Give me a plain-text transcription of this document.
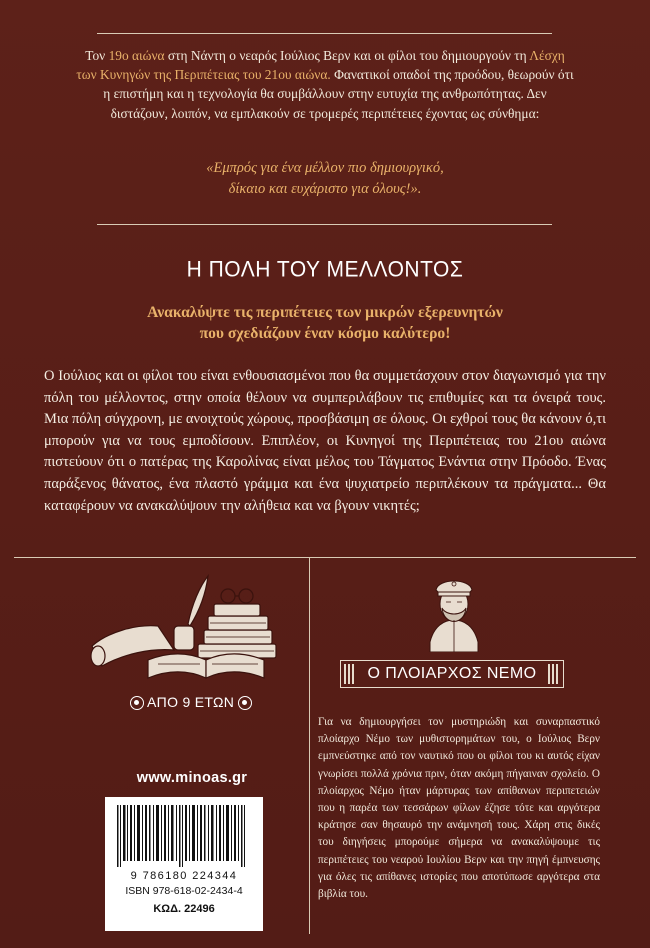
Τον 19ο αιώνα στη Νάντη ο νεαρός Ιούλιος Βερν και οι φίλοι του δημιουργούν τη Λέσχη των Κυνηγών της Περιπέτειας του 21ου αιώνα. Φανατικοί οπαδοί της προόδου, θεωρούν ότι η επιστήμη και η τεχνολογία θα συμβάλλουν στην ευτυχία της ανθρωπότητας. Δεν διστάζουν, λοιπόν, να εμπλακούν σε τρομερές περιπέτειες έχοντας ως σύνθημα:
«Εμπρός για ένα μέλλον πιο δημιουργικό,
δίκαιο και ευχάριστο για όλους!».
Η ΠΟΛΗ ΤΟΥ ΜΕΛΛΟΝΤΟΣ
Ανακαλύψτε τις περιπέτειες των μικρών εξερευνητών
που σχεδιάζουν έναν κόσμο καλύτερο!
Ο Ιούλιος και οι φίλοι του είναι ενθουσιασμένοι που θα συμμετάσχουν στον διαγωνισμό για την πόλη του μέλλοντος, στην οποία θέλουν να συμπεριλάβουν τις επιθυμίες και τα όνειρά τους. Μια πόλη σύγχρονη, με ανοιχτούς χώρους, προσβάσιμη σε όλους. Οι εχθροί τους θα κάνουν ό,τι μπορούν για να τους εμποδίσουν. Επιπλέον, οι Κυνηγοί της Περιπέτειας του 21ου αιώνα πιστεύουν ότι ο πατέρας της Καρολίνας είναι μέλος του Τάγματος Ενάντια στην Πρόοδο. Ένας παράξενος θάνατος, ένα πλαστό γράμμα και ένα ψυχιατρείο περιπλέκουν τα πράγματα... Θα καταφέρουν να ανακαλύψουν την αλήθεια και να βγουν νικητές;
ΑΠΟ 9 ΕΤΩΝ
www.minoas.gr
9 786180 224344
ISBN 978-618-02-2434-4
ΚΩΔ. 22496
Ο ΠΛΟΙΑΡΧΟΣ ΝΕΜΟ
Για να δημιουργήσει τον μυστηριώδη και συναρπαστικό πλοίαρχο Νέμο των μυθιστορημάτων του, ο Ιούλιος Βερν εμπνεύστηκε από τον ναυτικό που οι φίλοι του κι αυτός είχαν γνωρίσει πολλά χρόνια πριν, όταν ακόμη πήγαιναν σχολείο. Ο πλοίαρχος Νέμο ήταν μάρτυρας των απίθανων περιπετειών που η παρέα των τεσσάρων φίλων έζησε τότε και αργότερα κράτησε σαν θησαυρό την ανάμνησή τους. Χάρη στις δικές του διηγήσεις μπορούμε σήμερα να ανακαλύψουμε τις περιπέτειες του νεαρού Ιουλίου Βερν και την πηγή έμπνευσης για όλες τις απίθανες ιστορίες που αποτύπωσε αργότερα στα βιβλία του.
